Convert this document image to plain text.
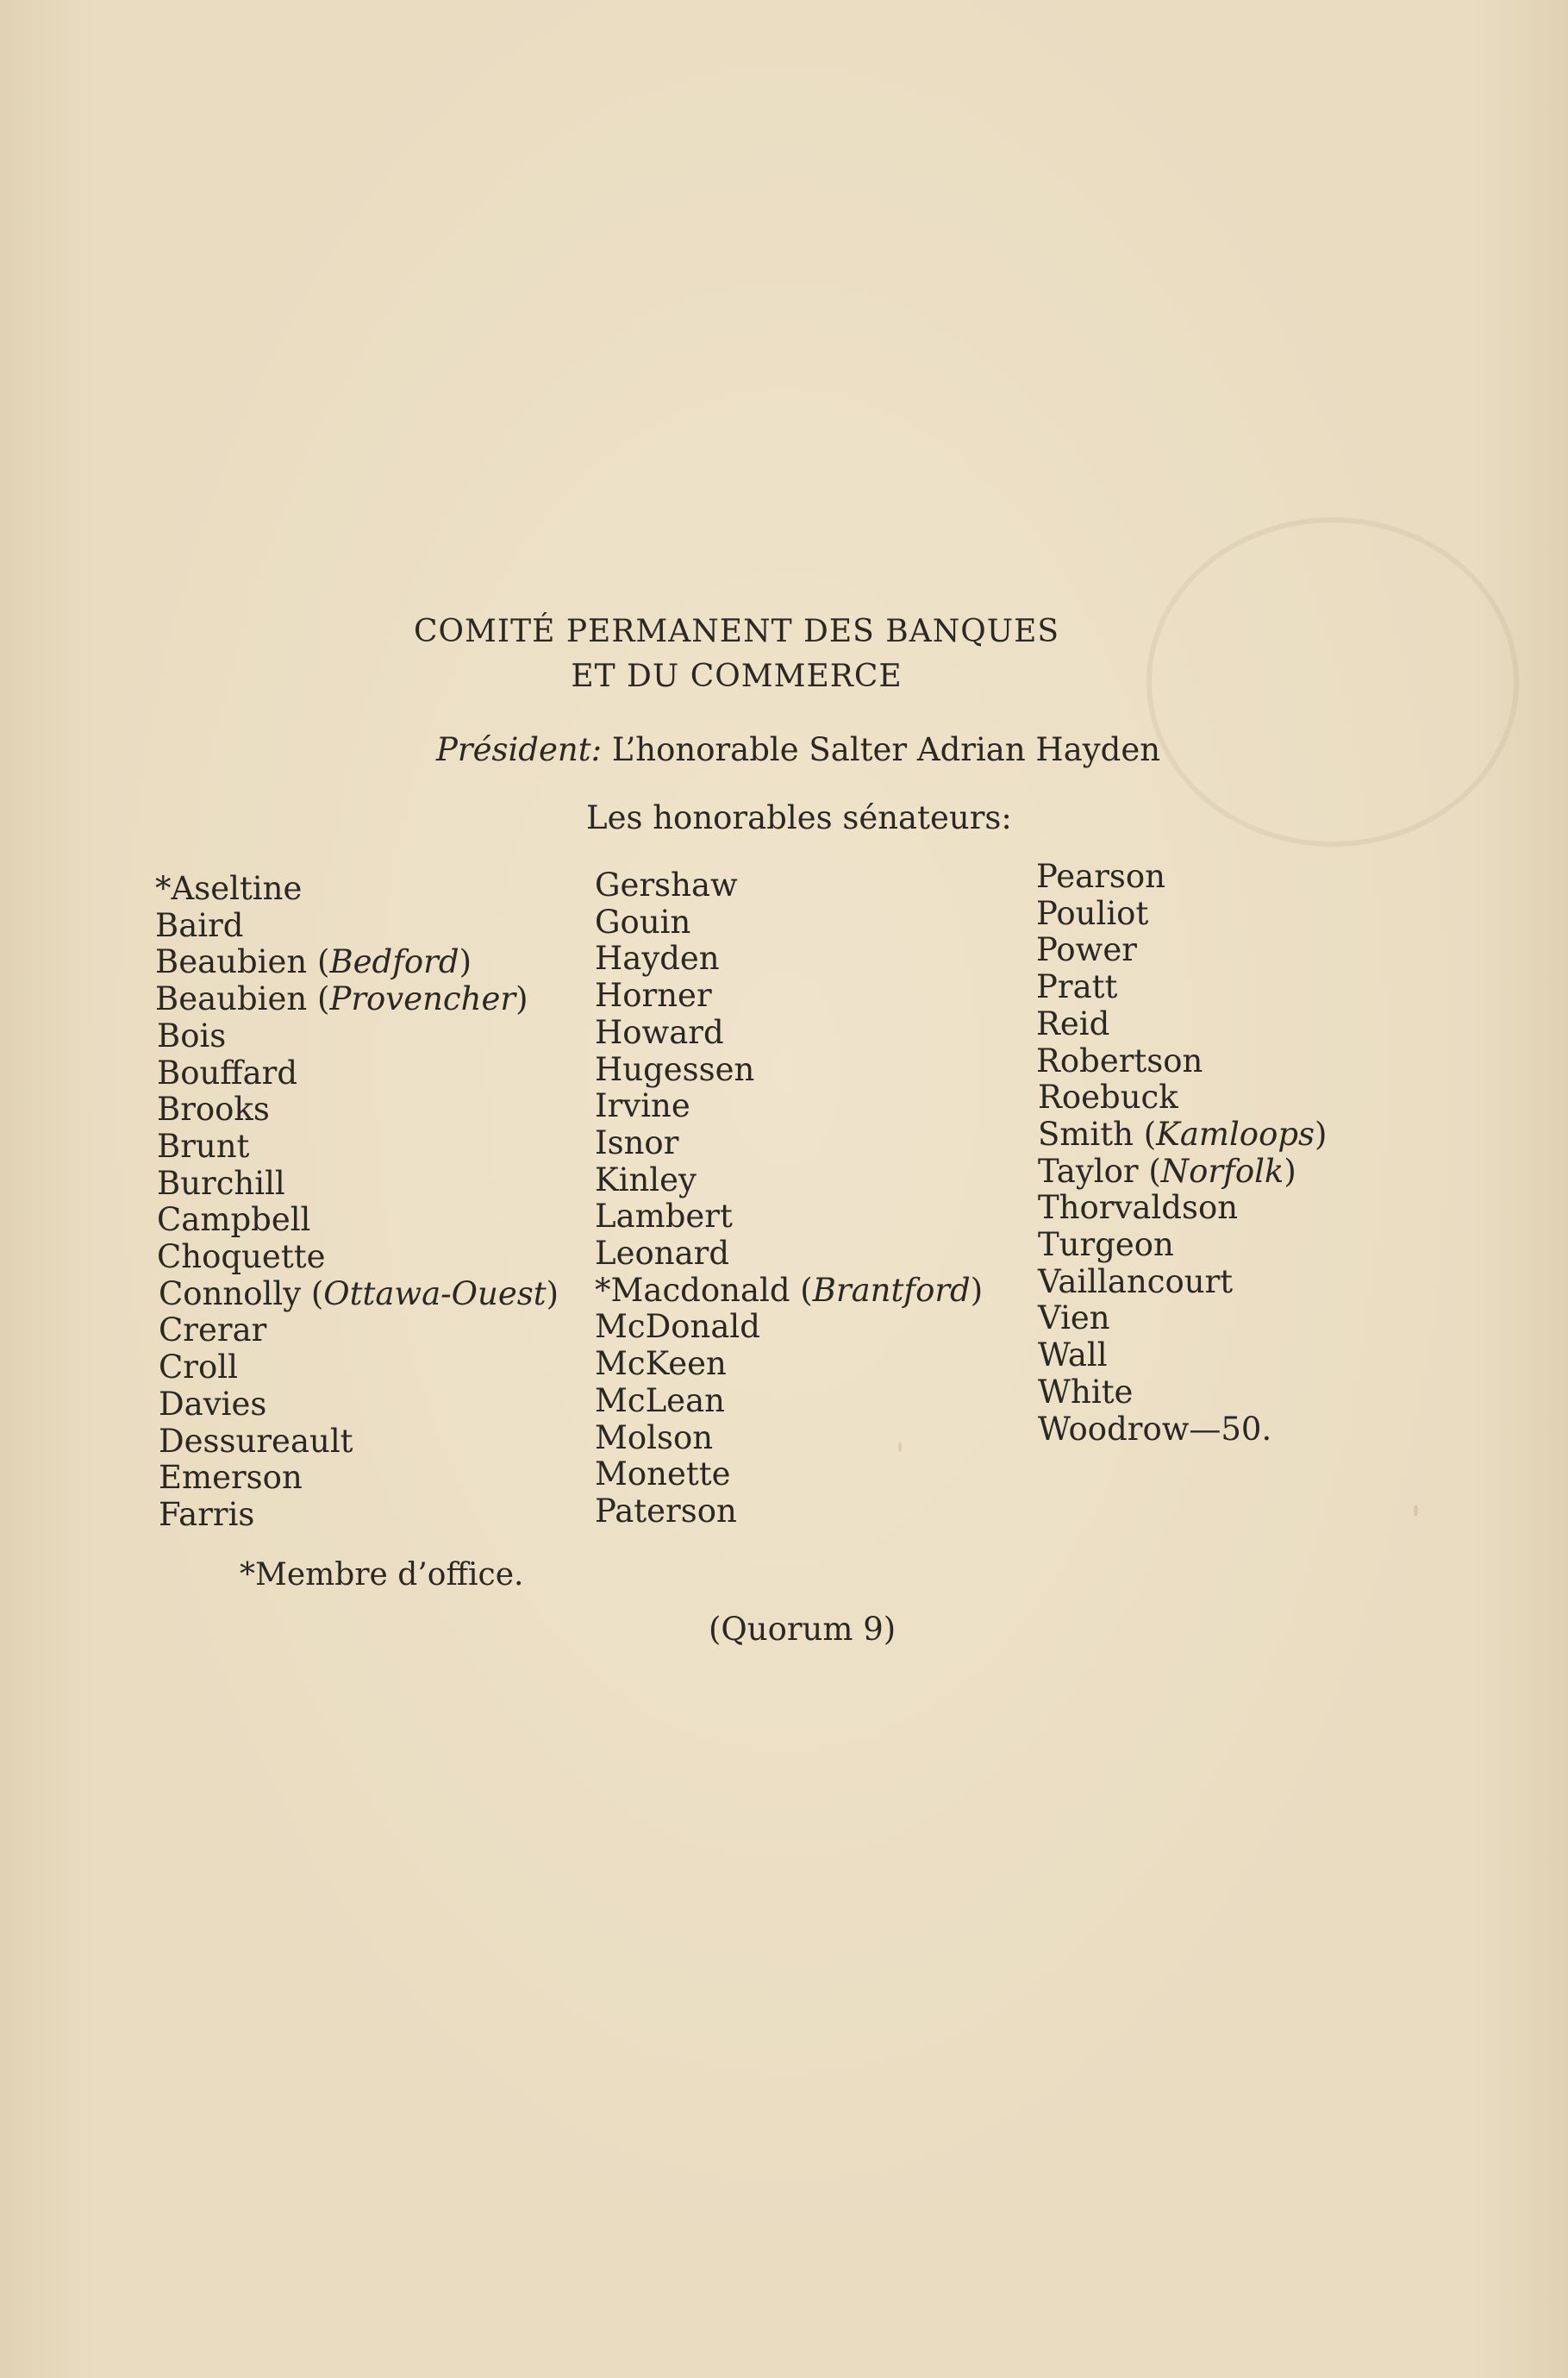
COMITÉ PERMANENT DES BANQUES
ET DU COMMERCE
Président: L’honorable Salter Adrian Hayden
Les honorables sénateurs:
*Aseltine
Baird
Beaubien (Bedford)
Beaubien (Provencher)
Bois
Bouffard
Brooks
Brunt
Burchill
Campbell
Choquette
Connolly (Ottawa-Ouest)
Crerar
Croll
Davies
Dessureault
Emerson
Farris
Gershaw
Gouin
Hayden
Horner
Howard
Hugessen
Irvine
Isnor
Kinley
Lambert
Leonard
*Macdonald (Brantford)
McDonald
McKeen
McLean
Molson
Monette
Paterson
Pearson
Pouliot
Power
Pratt
Reid
Robertson
Roebuck
Smith (Kamloops)
Taylor (Norfolk)
Thorvaldson
Turgeon
Vaillancourt
Vien
Wall
White
Woodrow—50.
*Membre d’office.
(Quorum 9)
